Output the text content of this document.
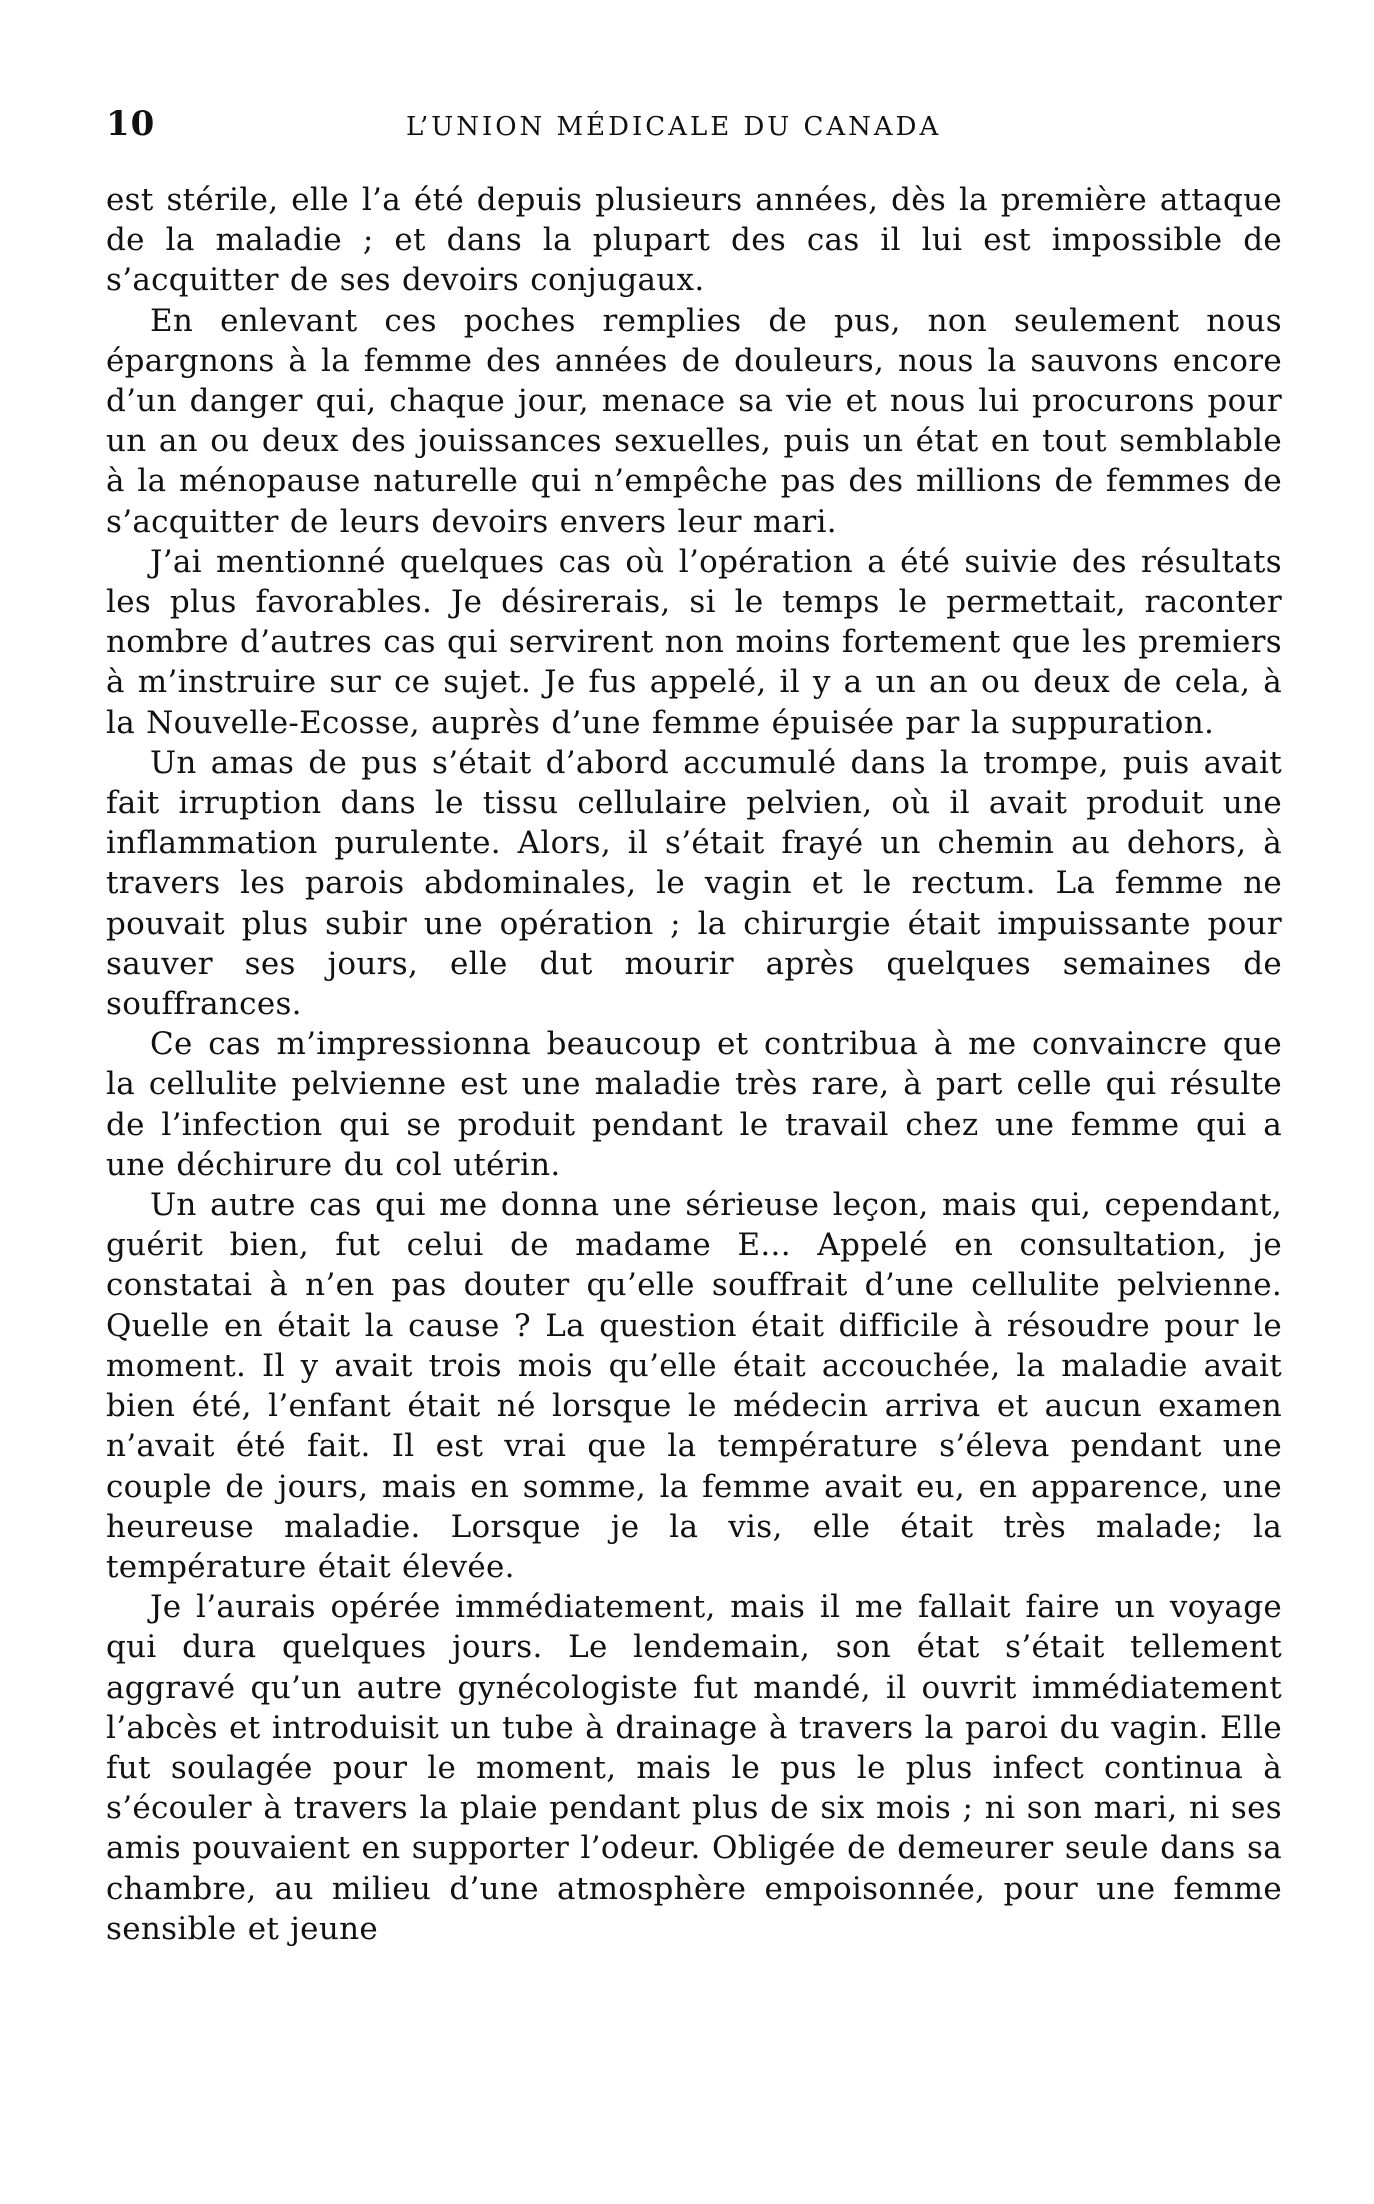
10	L’UNION MÉDICALE DU CANADA

est stérile, elle l’a été depuis plusieurs années, dès la première attaque de la maladie ; et dans la plupart des cas il lui est impossible de s’acquitter de ses devoirs conjugaux.

En enlevant ces poches remplies de pus, non seulement nous épargnons à la femme des années de douleurs, nous la sauvons encore d’un danger qui, chaque jour, menace sa vie et nous lui procurons pour un an ou deux des jouissances sexuelles, puis un état en tout semblable à la ménopause naturelle qui n’empêche pas des millions de femmes de s’acquitter de leurs devoirs envers leur mari.

J’ai mentionné quelques cas où l’opération a été suivie des résultats les plus favorables. Je désirerais, si le temps le permettait, raconter nombre d’autres cas qui servirent non moins fortement que les premiers à m’instruire sur ce sujet. Je fus appelé, il y a un an ou deux de cela, à la Nouvelle-Ecosse, auprès d’une femme épuisée par la suppuration.

Un amas de pus s’était d’abord accumulé dans la trompe, puis avait fait irruption dans le tissu cellulaire pelvien, où il avait produit une inflammation purulente. Alors, il s’était frayé un chemin au dehors, à travers les parois abdominales, le vagin et le rectum. La femme ne pouvait plus subir une opération ; la chirurgie était impuissante pour sauver ses jours, elle dut mourir après quelques semaines de souffrances.

Ce cas m’impressionna beaucoup et contribua à me convaincre que la cellulite pelvienne est une maladie très rare, à part celle qui résulte de l’infection qui se produit pendant le travail chez une femme qui a une déchirure du col utérin.

Un autre cas qui me donna une sérieuse leçon, mais qui, cependant, guérit bien, fut celui de madame E... Appelé en consultation, je constatai à n’en pas douter qu’elle souffrait d’une cellulite pelvienne. Quelle en était la cause ? La question était difficile à résoudre pour le moment. Il y avait trois mois qu’elle était accouchée, la maladie avait bien été, l’enfant était né lorsque le médecin arriva et aucun examen n’avait été fait. Il est vrai que la température s’éleva pendant une couple de jours, mais en somme, la femme avait eu, en apparence, une heureuse maladie. Lorsque je la vis, elle était très malade; la température était élevée.

Je l’aurais opérée immédiatement, mais il me fallait faire un voyage qui dura quelques jours. Le lendemain, son état s’était tellement aggravé qu’un autre gynécologiste fut mandé, il ouvrit immédiatement l’abcès et introduisit un tube à drainage à travers la paroi du vagin. Elle fut soulagée pour le moment, mais le pus le plus infect continua à s’écouler à travers la plaie pendant plus de six mois ; ni son mari, ni ses amis pouvaient en supporter l’odeur. Obligée de demeurer seule dans sa chambre, au milieu d’une atmosphère empoisonnée, pour une femme sensible et jeune
